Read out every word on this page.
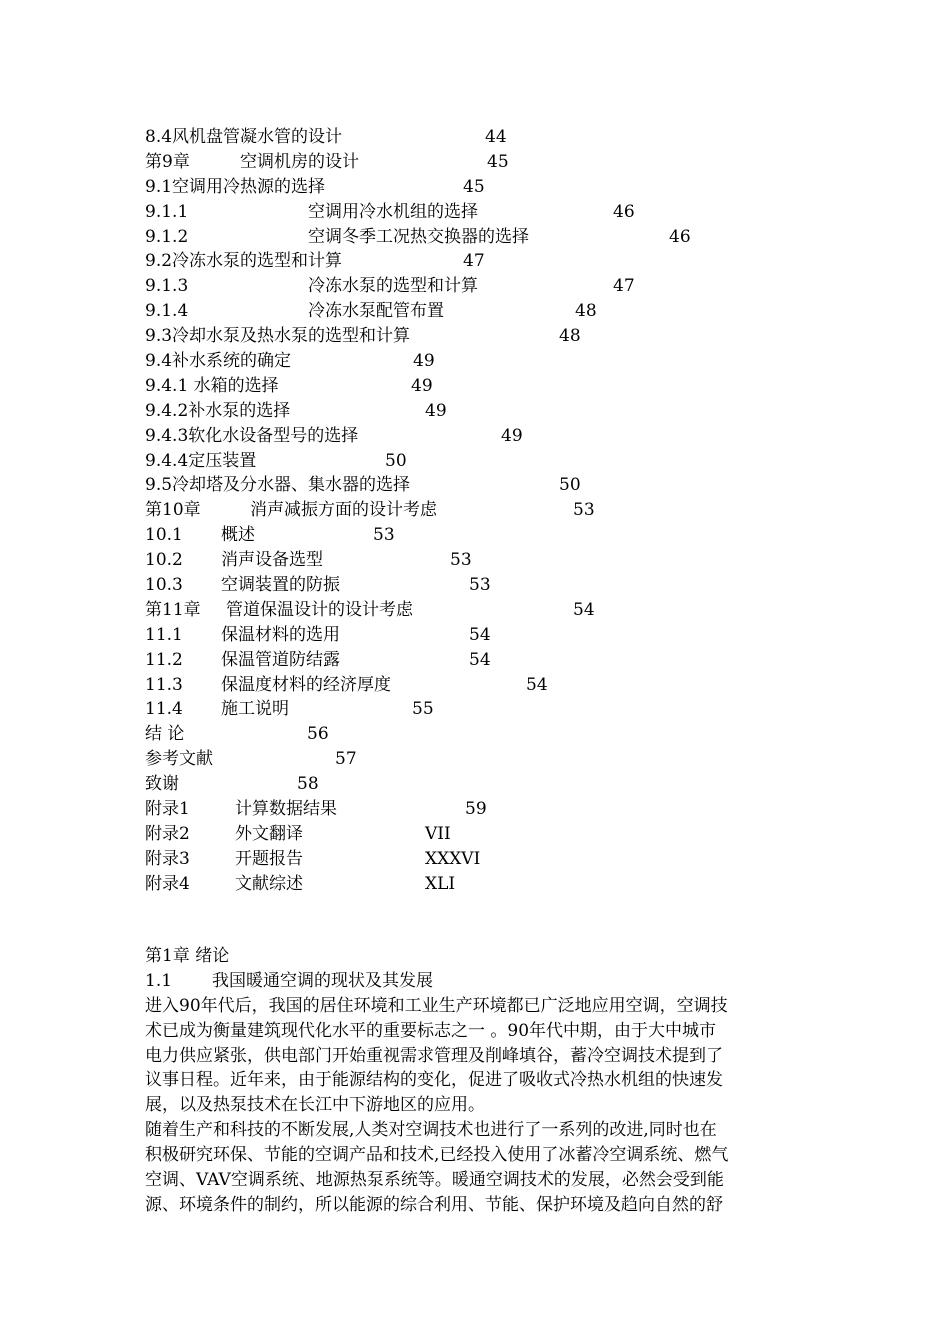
8.4风机盘管凝水管的设计	44
第9章	空调机房的设计	45
9.1空调用冷热源的选择	45
9.1.1	空调用冷水机组的选择	46
9.1.2	空调冬季工况热交换器的选择	46
9.2冷冻水泵的选型和计算	47
9.1.3	冷冻水泵的选型和计算	47
9.1.4	冷冻水泵配管布置	48
9.3冷却水泵及热水泵的选型和计算	48
9.4补水系统的确定	49
9.4.1 水箱的选择	49
9.4.2补水泵的选择	49
9.4.3软化水设备型号的选择	49
9.4.4定压装置	50
9.5冷却塔及分水器、集水器的选择	50
第10章	消声减振方面的设计考虑	53
10.1 概述	53
10.2 消声设备选型	53
10.3 空调装置的防振	53
第11章 管道保温设计的设计考虑	54
11.1 保温材料的选用	54
11.2 保温管道防结露	54
11.3 保温度材料的经济厚度	54
11.4 施工说明	55
结 论	56
参考文献	57
致谢	58
附录1	计算数据结果	59
附录2	外文翻译	VII
附录3	开题报告	XXXVI
附录4	文献综述	XLI
第1章 绪论
1.1 我国暖通空调的现状及其发展
进入90年代后，我国的居住环境和工业生产环境都已广泛地应用空调，空调技
术已成为衡量建筑现代化水平的重要标志之一 。90年代中期，由于大中城市
电力供应紧张，供电部门开始重视需求管理及削峰填谷，蓄冷空调技术提到了
议事日程。近年来，由于能源结构的变化，促进了吸收式冷热水机组的快速发
展，以及热泵技术在长江中下游地区的应用。
随着生产和科技的不断发展,人类对空调技术也进行了一系列的改进,同时也在
积极研究环保、节能的空调产品和技术,已经投入使用了冰蓄冷空调系统、燃气
空调、VAV空调系统、地源热泵系统等。暖通空调技术的发展，必然会受到能
源、环境条件的制约，所以能源的综合利用、节能、保护环境及趋向自然的舒
